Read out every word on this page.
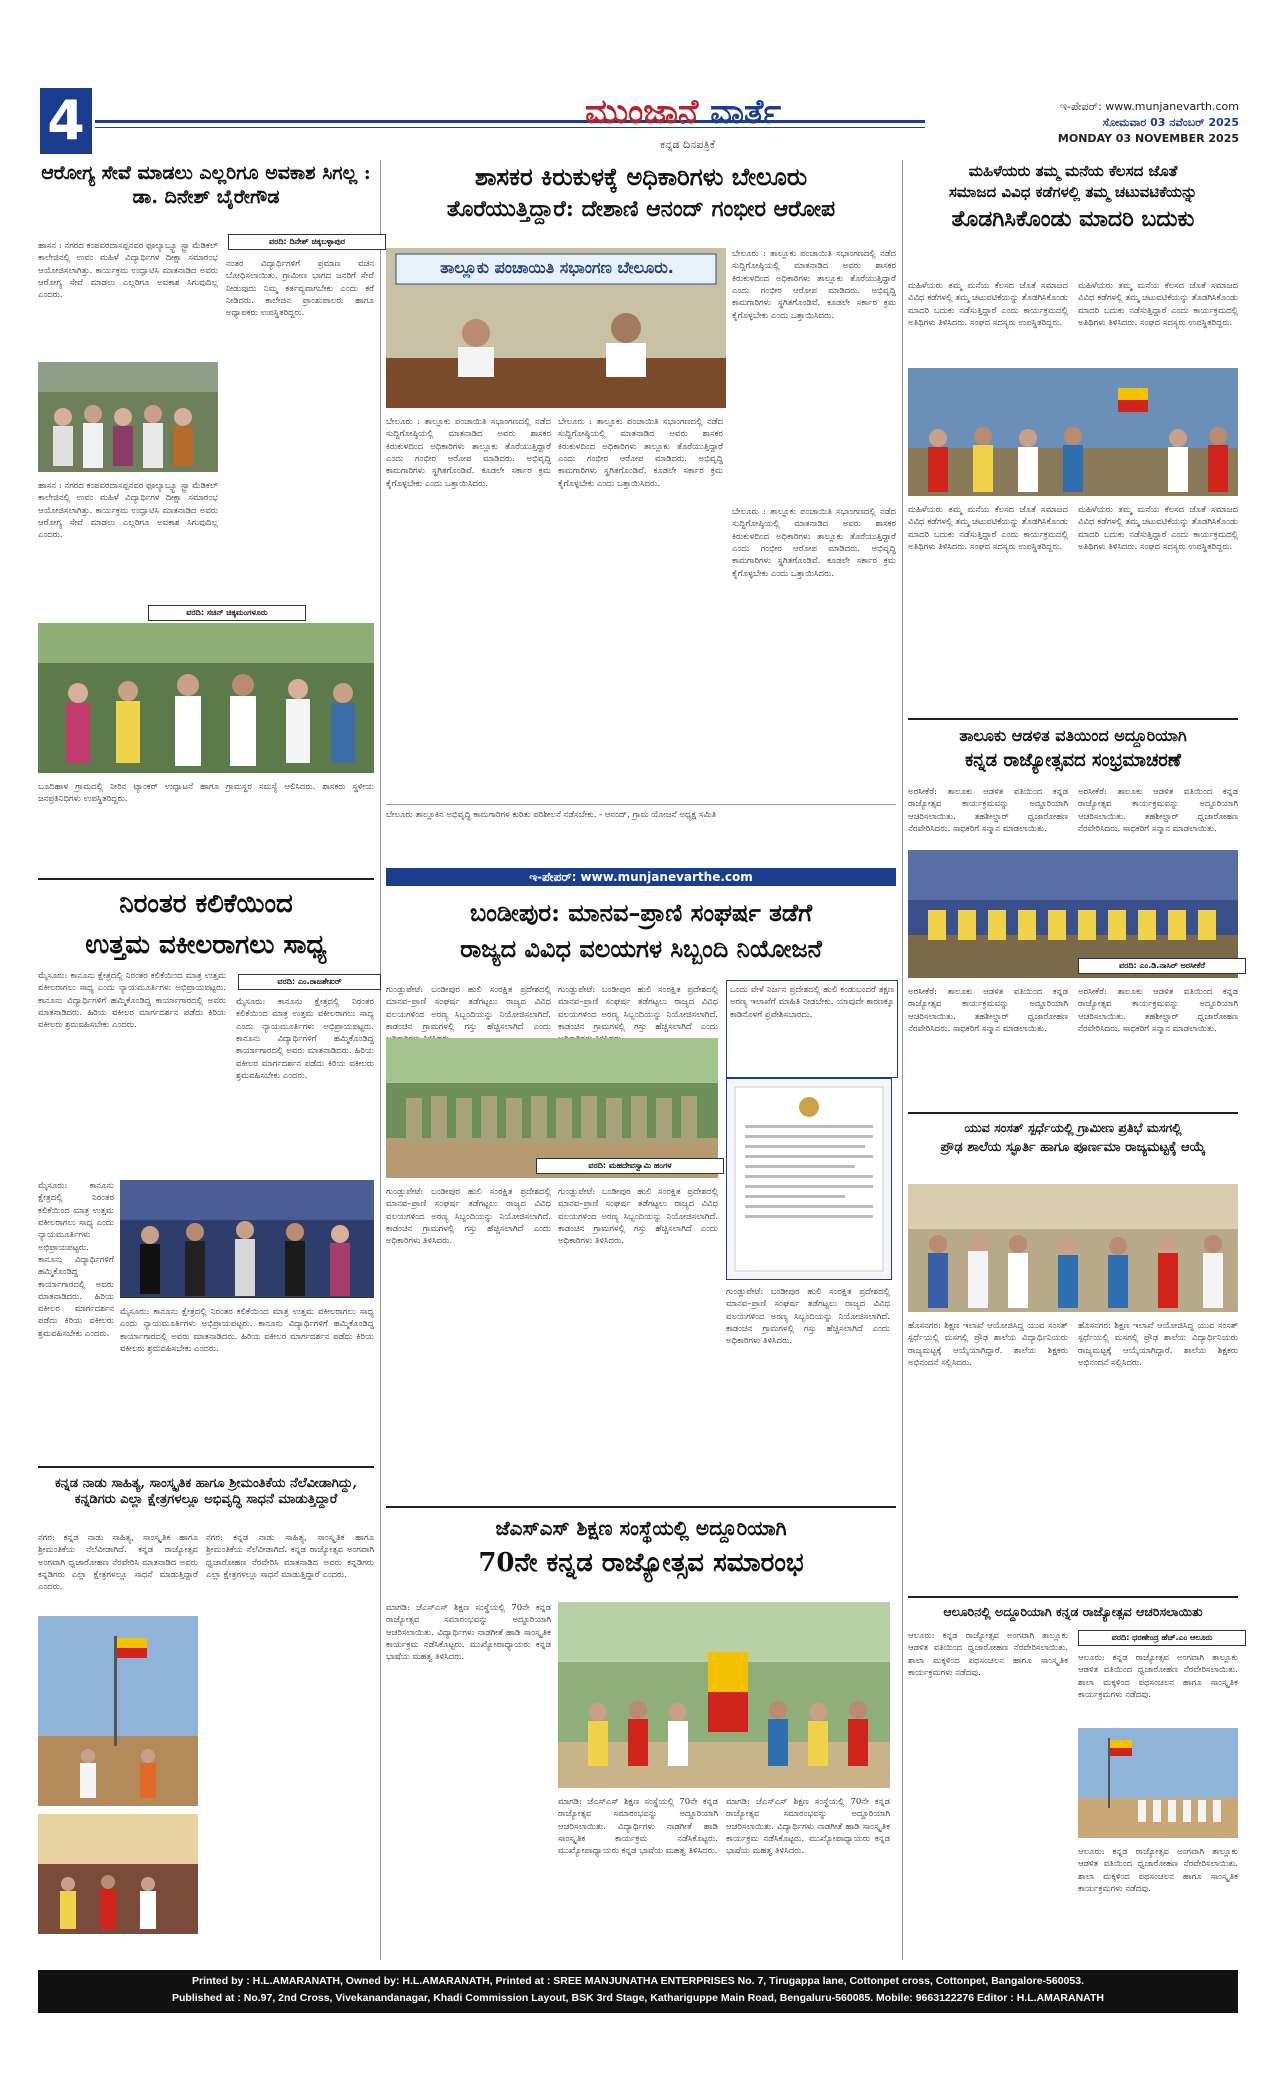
4	ಮುಂಜಾನೆ ವಾರ್ತೆ
ಕನ್ನಡ ದಿನಪತ್ರಿಕೆ
ಇ-ಪೇಪರ್: www.munjanevarth.com
ಸೋಮವಾರ 03 ನವೆಂಬರ್ 2025
MONDAY 03 NOVEMBER 2025
ಆರೋಗ್ಯ ಸೇವೆ ಮಾಡಲು ಎಲ್ಲರಿಗೂ ಅವಕಾಶ ಸಿಗಲ್ಲ : ಡಾ. ದಿನೇಶ್ ಬೈರೇಗೌಡ
ವರದಿ: ದಿನೇಶ್ ಚಿಕ್ಕಬಳ್ಳಾಪುರ
ಹಾಸನ : ನಗರದ ಕಂಪವರದಾಸಪ್ಪನವರ ಫೂಲ್ಯಾಬ್ಸ್ಟೂ ಸ್ಟ್ರಾ ಮೆಡಿಕಲ್ ಕಾಲೇಜಿನಲ್ಲಿ ಉವಂ ಮಹಿಳೆ ವಿದ್ಯಾರ್ಥಿಗಳ ದೀಕ್ಷಾ ಸಮಾರಂಭ ಆಯೋಜಿಸಲಾಗಿತ್ತು. ಕಾರ್ಯಕ್ರಮ ಉದ್ಘಾಟಿಸಿ ಮಾತನಾಡಿದ ಅವರು ಆರೋಗ್ಯ ಸೇವೆ ಮಾಡಲು ಎಲ್ಲರಿಗೂ ಅವಕಾಶ ಸಿಗುವುದಿಲ್ಲ ಎಂದರು.
ನಂತರ ವಿದ್ಯಾರ್ಥಿಗಳಿಗೆ ಪ್ರಮಾಣ ವಚನ ಬೋಧಿಸಲಾಯಿತು. ಗ್ರಾಮೀಣ ಭಾಗದ ಜನರಿಗೆ ಸೇವೆ ನೀಡುವುದು ನಿಮ್ಮ ಕರ್ತವ್ಯವಾಗಬೇಕು ಎಂದು ಕರೆ ನೀಡಿದರು. ಕಾಲೇಜಿನ ಪ್ರಾಂಶುಪಾಲರು ಹಾಗೂ ಅಧ್ಯಾಪಕರು ಉಪಸ್ಥಿತರಿದ್ದರು.
ಹಾಸನ : ನಗರದ ಕಂಪವರದಾಸಪ್ಪನವರ ಫೂಲ್ಯಾಬ್ಸ್ಟೂ ಸ್ಟ್ರಾ ಮೆಡಿಕಲ್ ಕಾಲೇಜಿನಲ್ಲಿ ಉವಂ ಮಹಿಳೆ ವಿದ್ಯಾರ್ಥಿಗಳ ದೀಕ್ಷಾ ಸಮಾರಂಭ ಆಯೋಜಿಸಲಾಗಿತ್ತು. ಕಾರ್ಯಕ್ರಮ ಉದ್ಘಾಟಿಸಿ ಮಾತನಾಡಿದ ಅವರು ಆರೋಗ್ಯ ಸೇವೆ ಮಾಡಲು ಎಲ್ಲರಿಗೂ ಅವಕಾಶ ಸಿಗುವುದಿಲ್ಲ ಎಂದರು.
ವರದಿ: ಸಚಿನ್ ಚಿಕ್ಕಮಂಗಳೂರು
ಬೂದಿಹಾಳ ಗ್ರಾಮದಲ್ಲಿ ನೀರಿನ ಟ್ಯಾಂಕರ್ ಉದ್ಘಾಟನೆ ಹಾಗೂ ಗ್ರಾಮಸ್ಥರ ಸಮಸ್ಯೆ ಆಲಿಸಿದರು. ಶಾಸಕರು ಸ್ಥಳೀಯ ಜನಪ್ರತಿನಿಧಿಗಳು ಉಪಸ್ಥಿತರಿದ್ದರು.
ನಿರಂತರ ಕಲಿಕೆಯಿಂದ
ಉತ್ತಮ ವಕೀಲರಾಗಲು ಸಾಧ್ಯ
ವರದಿ: ಎಂ.ರಾಜಶೇಖರ್
ಮೈಸೂರು: ಕಾನೂನು ಕ್ಷೇತ್ರದಲ್ಲಿ ನಿರಂತರ ಕಲಿಕೆಯಿಂದ ಮಾತ್ರ ಉತ್ತಮ ವಕೀಲರಾಗಲು ಸಾಧ್ಯ ಎಂದು ನ್ಯಾಯಮೂರ್ತಿಗಳು ಅಭಿಪ್ರಾಯಪಟ್ಟರು. ಕಾನೂನು ವಿದ್ಯಾರ್ಥಿಗಳಿಗೆ ಹಮ್ಮಿಕೊಂಡಿದ್ದ ಕಾರ್ಯಾಗಾರದಲ್ಲಿ ಅವರು ಮಾತನಾಡಿದರು. ಹಿರಿಯ ವಕೀಲರ ಮಾರ್ಗದರ್ಶನ ಪಡೆದು ಕಿರಿಯ ವಕೀಲರು ಶ್ರಮವಹಿಸಬೇಕು ಎಂದರು.
ಮೈಸೂರು: ಕಾನೂನು ಕ್ಷೇತ್ರದಲ್ಲಿ ನಿರಂತರ ಕಲಿಕೆಯಿಂದ ಮಾತ್ರ ಉತ್ತಮ ವಕೀಲರಾಗಲು ಸಾಧ್ಯ ಎಂದು ನ್ಯಾಯಮೂರ್ತಿಗಳು ಅಭಿಪ್ರಾಯಪಟ್ಟರು. ಕಾನೂನು ವಿದ್ಯಾರ್ಥಿಗಳಿಗೆ ಹಮ್ಮಿಕೊಂಡಿದ್ದ ಕಾರ್ಯಾಗಾರದಲ್ಲಿ ಅವರು ಮಾತನಾಡಿದರು. ಹಿರಿಯ ವಕೀಲರ ಮಾರ್ಗದರ್ಶನ ಪಡೆದು ಕಿರಿಯ ವಕೀಲರು ಶ್ರಮವಹಿಸಬೇಕು ಎಂದರು.
ಮೈಸೂರು: ಕಾನೂನು ಕ್ಷೇತ್ರದಲ್ಲಿ ನಿರಂತರ ಕಲಿಕೆಯಿಂದ ಮಾತ್ರ ಉತ್ತಮ ವಕೀಲರಾಗಲು ಸಾಧ್ಯ ಎಂದು ನ್ಯಾಯಮೂರ್ತಿಗಳು ಅಭಿಪ್ರಾಯಪಟ್ಟರು. ಕಾನೂನು ವಿದ್ಯಾರ್ಥಿಗಳಿಗೆ ಹಮ್ಮಿಕೊಂಡಿದ್ದ ಕಾರ್ಯಾಗಾರದಲ್ಲಿ ಅವರು ಮಾತನಾಡಿದರು. ಹಿರಿಯ ವಕೀಲರ ಮಾರ್ಗದರ್ಶನ ಪಡೆದು ಕಿರಿಯ ವಕೀಲರು ಶ್ರಮವಹಿಸಬೇಕು ಎಂದರು.
ಮೈಸೂರು: ಕಾನೂನು ಕ್ಷೇತ್ರದಲ್ಲಿ ನಿರಂತರ ಕಲಿಕೆಯಿಂದ ಮಾತ್ರ ಉತ್ತಮ ವಕೀಲರಾಗಲು ಸಾಧ್ಯ ಎಂದು ನ್ಯಾಯಮೂರ್ತಿಗಳು ಅಭಿಪ್ರಾಯಪಟ್ಟರು. ಕಾನೂನು ವಿದ್ಯಾರ್ಥಿಗಳಿಗೆ ಹಮ್ಮಿಕೊಂಡಿದ್ದ ಕಾರ್ಯಾಗಾರದಲ್ಲಿ ಅವರು ಮಾತನಾಡಿದರು. ಹಿರಿಯ ವಕೀಲರ ಮಾರ್ಗದರ್ಶನ ಪಡೆದು ಕಿರಿಯ ವಕೀಲರು ಶ್ರಮವಹಿಸಬೇಕು ಎಂದರು.
ಕನ್ನಡ ನಾಡು ಸಾಹಿತ್ಯ, ಸಾಂಸ್ಕೃತಿಕ ಹಾಗೂ ಶ್ರೀಮಂತಿಕೆಯ ನೆಲೆವೀಡಾಗಿದ್ದು, ಕನ್ನಡಿಗರು ಎಲ್ಲಾ ಕ್ಷೇತ್ರಗಳಲ್ಲೂ ಅಭಿವೃದ್ಧಿ ಸಾಧನೆ ಮಾಡುತ್ತಿದ್ದಾರೆ
ನಗರ: ಕನ್ನಡ ನಾಡು ಸಾಹಿತ್ಯ, ಸಾಂಸ್ಕೃತಿಕ ಹಾಗೂ ಶ್ರೀಮಂತಿಕೆಯ ನೆಲೆವೀಡಾಗಿದೆ. ಕನ್ನಡ ರಾಜ್ಯೋತ್ಸವ ಅಂಗವಾಗಿ ಧ್ವಜಾರೋಹಣ ನೆರವೇರಿಸಿ ಮಾತನಾಡಿದ ಅವರು ಕನ್ನಡಿಗರು ಎಲ್ಲಾ ಕ್ಷೇತ್ರಗಳಲ್ಲೂ ಸಾಧನೆ ಮಾಡುತ್ತಿದ್ದಾರೆ ಎಂದರು.
ನಗರ: ಕನ್ನಡ ನಾಡು ಸಾಹಿತ್ಯ, ಸಾಂಸ್ಕೃತಿಕ ಹಾಗೂ ಶ್ರೀಮಂತಿಕೆಯ ನೆಲೆವೀಡಾಗಿದೆ. ಕನ್ನಡ ರಾಜ್ಯೋತ್ಸವ ಅಂಗವಾಗಿ ಧ್ವಜಾರೋಹಣ ನೆರವೇರಿಸಿ ಮಾತನಾಡಿದ ಅವರು ಕನ್ನಡಿಗರು ಎಲ್ಲಾ ಕ್ಷೇತ್ರಗಳಲ್ಲೂ ಸಾಧನೆ ಮಾಡುತ್ತಿದ್ದಾರೆ ಎಂದರು.
ಶಾಸಕರ ಕಿರುಕುಳಕ್ಕೆ ಅಧಿಕಾರಿಗಳು ಬೇಲೂರು
ತೊರೆಯುತ್ತಿದ್ದಾರೆ: ದೇಶಾಣಿ ಆನಂದ್ ಗಂಭೀರ ಆರೋಪ
ತಾಲ್ಲೂಕು ಪಂಚಾಯಿತಿ ಸಭಾಂಗಣ ಬೇಲೂರು.
ಬೇಲೂರು : ತಾಲ್ಲೂಕು ಪಂಚಾಯಿತಿ ಸಭಾಂಗಣದಲ್ಲಿ ನಡೆದ ಸುದ್ದಿಗೋಷ್ಠಿಯಲ್ಲಿ ಮಾತನಾಡಿದ ಅವರು ಶಾಸಕರ ಕಿರುಕುಳದಿಂದ ಅಧಿಕಾರಿಗಳು ತಾಲ್ಲೂಕು ತೊರೆಯುತ್ತಿದ್ದಾರೆ ಎಂದು ಗಂಭೀರ ಆರೋಪ ಮಾಡಿದರು. ಅಭಿವೃದ್ಧಿ ಕಾಮಗಾರಿಗಳು ಸ್ಥಗಿತಗೊಂಡಿವೆ. ಕೂಡಲೇ ಸರ್ಕಾರ ಕ್ರಮ ಕೈಗೊಳ್ಳಬೇಕು ಎಂದು ಒತ್ತಾಯಿಸಿದರು.
ಬೇಲೂರು : ತಾಲ್ಲೂಕು ಪಂಚಾಯಿತಿ ಸಭಾಂಗಣದಲ್ಲಿ ನಡೆದ ಸುದ್ದಿಗೋಷ್ಠಿಯಲ್ಲಿ ಮಾತನಾಡಿದ ಅವರು ಶಾಸಕರ ಕಿರುಕುಳದಿಂದ ಅಧಿಕಾರಿಗಳು ತಾಲ್ಲೂಕು ತೊರೆಯುತ್ತಿದ್ದಾರೆ ಎಂದು ಗಂಭೀರ ಆರೋಪ ಮಾಡಿದರು. ಅಭಿವೃದ್ಧಿ ಕಾಮಗಾರಿಗಳು ಸ್ಥಗಿತಗೊಂಡಿವೆ. ಕೂಡಲೇ ಸರ್ಕಾರ ಕ್ರಮ ಕೈಗೊಳ್ಳಬೇಕು ಎಂದು ಒತ್ತಾಯಿಸಿದರು.
ಬೇಲೂರು : ತಾಲ್ಲೂಕು ಪಂಚಾಯಿತಿ ಸಭಾಂಗಣದಲ್ಲಿ ನಡೆದ ಸುದ್ದಿಗೋಷ್ಠಿಯಲ್ಲಿ ಮಾತನಾಡಿದ ಅವರು ಶಾಸಕರ ಕಿರುಕುಳದಿಂದ ಅಧಿಕಾರಿಗಳು ತಾಲ್ಲೂಕು ತೊರೆಯುತ್ತಿದ್ದಾರೆ ಎಂದು ಗಂಭೀರ ಆರೋಪ ಮಾಡಿದರು. ಅಭಿವೃದ್ಧಿ ಕಾಮಗಾರಿಗಳು ಸ್ಥಗಿತಗೊಂಡಿವೆ. ಕೂಡಲೇ ಸರ್ಕಾರ ಕ್ರಮ ಕೈಗೊಳ್ಳಬೇಕು ಎಂದು ಒತ್ತಾಯಿಸಿದರು.
ಬೇಲೂರು : ತಾಲ್ಲೂಕು ಪಂಚಾಯಿತಿ ಸಭಾಂಗಣದಲ್ಲಿ ನಡೆದ ಸುದ್ದಿಗೋಷ್ಠಿಯಲ್ಲಿ ಮಾತನಾಡಿದ ಅವರು ಶಾಸಕರ ಕಿರುಕುಳದಿಂದ ಅಧಿಕಾರಿಗಳು ತಾಲ್ಲೂಕು ತೊರೆಯುತ್ತಿದ್ದಾರೆ ಎಂದು ಗಂಭೀರ ಆರೋಪ ಮಾಡಿದರು. ಅಭಿವೃದ್ಧಿ ಕಾಮಗಾರಿಗಳು ಸ್ಥಗಿತಗೊಂಡಿವೆ. ಕೂಡಲೇ ಸರ್ಕಾರ ಕ್ರಮ ಕೈಗೊಳ್ಳಬೇಕು ಎಂದು ಒತ್ತಾಯಿಸಿದರು.
ಬೇಲೂರು ತಾಲ್ಲೂಕಿನ ಅಭಿವೃದ್ಧಿ ಕಾಮಗಾರಿಗಳ ಕುರಿತು ಪರಿಶೀಲನೆ ನಡೆಸಬೇಕು. - ಆನಂದ್, ಗ್ರಾಮ ಯೋಜನೆ ಅಧ್ಯಕ್ಷ ಸಮಿತಿ
ಇ-ಪೇಪರ್: www.munjanevarthe.com
ಬಂಡೀಪುರ: ಮಾನವ–ಪ್ರಾಣಿ ಸಂಘರ್ಷ ತಡೆಗೆ
ರಾಜ್ಯದ ವಿವಿಧ ವಲಯಗಳ ಸಿಬ್ಬಂದಿ ನಿಯೋಜನೆ
ಗುಂಡ್ಲುಪೇಟೆ: ಬಂಡೀಪುರ ಹುಲಿ ಸಂರಕ್ಷಿತ ಪ್ರದೇಶದಲ್ಲಿ ಮಾನವ–ಪ್ರಾಣಿ ಸಂಘರ್ಷ ತಡೆಗಟ್ಟಲು ರಾಜ್ಯದ ವಿವಿಧ ವಲಯಗಳಿಂದ ಅರಣ್ಯ ಸಿಬ್ಬಂದಿಯನ್ನು ನಿಯೋಜಿಸಲಾಗಿದೆ. ಕಾಡಂಚಿನ ಗ್ರಾಮಗಳಲ್ಲಿ ಗಸ್ತು ಹೆಚ್ಚಿಸಲಾಗಿದೆ ಎಂದು
ಗುಂಡ್ಲುಪೇಟೆ: ಬಂಡೀಪುರ ಹುಲಿ ಸಂರಕ್ಷಿತ ಪ್ರದೇಶದಲ್ಲಿ ಮಾನವ–ಪ್ರಾಣಿ ಸಂಘರ್ಷ ತಡೆಗಟ್ಟಲು ರಾಜ್ಯದ ವಿವಿಧ ವಲಯಗಳಿಂದ ಅರಣ್ಯ ಸಿಬ್ಬಂದಿಯನ್ನು ನಿಯೋಜಿಸಲಾಗಿದೆ. ಕಾಡಂಚಿನ ಗ್ರಾಮಗಳಲ್ಲಿ ಗಸ್ತು ಹೆಚ್ಚಿಸಲಾಗಿದೆ ಎಂದು
ಒಂದು ವೇಳೆ ನಿರ್ಜನ ಪ್ರದೇಶದಲ್ಲಿ ಹುಲಿ ಕಂಡುಬಂದರೆ ತಕ್ಷಣ ಅರಣ್ಯ ಇಲಾಖೆಗೆ ಮಾಹಿತಿ ನೀಡಬೇಕು. ಯಾವುದೇ ಕಾರಣಕ್ಕೂ ಕಾಡಿನೊಳಗೆ ಪ್ರವೇಶಿಸಬಾರದು.
ವರದಿ: ಮಹದೇವಸ್ವಾಮಿ ಹಂಗಳ
ಗುಂಡ್ಲುಪೇಟೆ: ಬಂಡೀಪುರ ಹುಲಿ ಸಂರಕ್ಷಿತ ಪ್ರದೇಶದಲ್ಲಿ ಮಾನವ–ಪ್ರಾಣಿ ಸಂಘರ್ಷ ತಡೆಗಟ್ಟಲು ರಾಜ್ಯದ ವಿವಿಧ ವಲಯಗಳಿಂದ ಅರಣ್ಯ ಸಿಬ್ಬಂದಿಯನ್ನು ನಿಯೋಜಿಸಲಾಗಿದೆ. ಕಾಡಂಚಿನ ಗ್ರಾಮಗಳಲ್ಲಿ ಗಸ್ತು ಹೆಚ್ಚಿಸಲಾಗಿದೆ ಎಂದು ಅಧಿಕಾರಿಗಳು ತಿಳಿಸಿದರು.
ಗುಂಡ್ಲುಪೇಟೆ: ಬಂಡೀಪುರ ಹುಲಿ ಸಂರಕ್ಷಿತ ಪ್ರದೇಶದಲ್ಲಿ ಮಾನವ–ಪ್ರಾಣಿ ಸಂಘರ್ಷ ತಡೆಗಟ್ಟಲು ರಾಜ್ಯದ ವಿವಿಧ ವಲಯಗಳಿಂದ ಅರಣ್ಯ ಸಿಬ್ಬಂದಿಯನ್ನು ನಿಯೋಜಿಸಲಾಗಿದೆ. ಕಾಡಂಚಿನ ಗ್ರಾಮಗಳಲ್ಲಿ ಗಸ್ತು ಹೆಚ್ಚಿಸಲಾಗಿದೆ ಎಂದು ಅಧಿಕಾರಿಗಳು ತಿಳಿಸಿದರು.
ಗುಂಡ್ಲುಪೇಟೆ: ಬಂಡೀಪುರ ಹುಲಿ ಸಂರಕ್ಷಿತ ಪ್ರದೇಶದಲ್ಲಿ ಮಾನವ–ಪ್ರಾಣಿ ಸಂಘರ್ಷ ತಡೆಗಟ್ಟಲು ರಾಜ್ಯದ ವಿವಿಧ ವಲಯಗಳಿಂದ ಅರಣ್ಯ ಸಿಬ್ಬಂದಿಯನ್ನು ನಿಯೋಜಿಸಲಾಗಿದೆ. ಕಾಡಂಚಿನ ಗ್ರಾಮಗಳಲ್ಲಿ ಗಸ್ತು ಹೆಚ್ಚಿಸಲಾಗಿದೆ ಎಂದು ಅಧಿಕಾರಿಗಳು ತಿಳಿಸಿದರು.
ಜೆಎಸ್ಎಸ್ ಶಿಕ್ಷಣ ಸಂಸ್ಥೆಯಲ್ಲಿ ಅದ್ದೂರಿಯಾಗಿ
70ನೇ ಕನ್ನಡ ರಾಜ್ಯೋತ್ಸವ ಸಮಾರಂಭ
ಮಾಗಡಿ: ಜೆಎಸ್ಎಸ್ ಶಿಕ್ಷಣ ಸಂಸ್ಥೆಯಲ್ಲಿ 70ನೇ ಕನ್ನಡ ರಾಜ್ಯೋತ್ಸವ ಸಮಾರಂಭವನ್ನು ಅದ್ದೂರಿಯಾಗಿ ಆಚರಿಸಲಾಯಿತು. ವಿದ್ಯಾರ್ಥಿಗಳು ನಾಡಗೀತೆ ಹಾಡಿ ಸಾಂಸ್ಕೃತಿಕ ಕಾರ್ಯಕ್ರಮ ನಡೆಸಿಕೊಟ್ಟರು. ಮುಖ್ಯೋಪಾಧ್ಯಾಯರು ಕನ್ನಡ ಭಾಷೆಯ ಮಹತ್ವ ತಿಳಿಸಿದರು.
ಮಾಗಡಿ: ಜೆಎಸ್ಎಸ್ ಶಿಕ್ಷಣ ಸಂಸ್ಥೆಯಲ್ಲಿ 70ನೇ ಕನ್ನಡ ರಾಜ್ಯೋತ್ಸವ ಸಮಾರಂಭವನ್ನು ಅದ್ದೂರಿಯಾಗಿ ಆಚರಿಸಲಾಯಿತು. ವಿದ್ಯಾರ್ಥಿಗಳು ನಾಡಗೀತೆ ಹಾಡಿ ಸಾಂಸ್ಕೃತಿಕ ಕಾರ್ಯಕ್ರಮ ನಡೆಸಿಕೊಟ್ಟರು. ಮುಖ್ಯೋಪಾಧ್ಯಾಯರು ಕನ್ನಡ ಭಾಷೆಯ ಮಹತ್ವ ತಿಳಿಸಿದರು.
ಮಾಗಡಿ: ಜೆಎಸ್ಎಸ್ ಶಿಕ್ಷಣ ಸಂಸ್ಥೆಯಲ್ಲಿ 70ನೇ ಕನ್ನಡ ರಾಜ್ಯೋತ್ಸವ ಸಮಾರಂಭವನ್ನು ಅದ್ದೂರಿಯಾಗಿ ಆಚರಿಸಲಾಯಿತು. ವಿದ್ಯಾರ್ಥಿಗಳು ನಾಡಗೀತೆ ಹಾಡಿ ಸಾಂಸ್ಕೃತಿಕ ಕಾರ್ಯಕ್ರಮ ನಡೆಸಿಕೊಟ್ಟರು. ಮುಖ್ಯೋಪಾಧ್ಯಾಯರು ಕನ್ನಡ ಭಾಷೆಯ ಮಹತ್ವ ತಿಳಿಸಿದರು.
ಮಹಿಳೆಯರು ತಮ್ಮ ಮನೆಯ ಕೆಲಸದ ಜೊತೆ
ಸಮಾಜದ ವಿವಿಧ ಕಡೆಗಳಲ್ಲಿ ತಮ್ಮ ಚಟುವಟಿಕೆಯನ್ನು
ತೊಡಗಿಸಿಕೊಂಡು ಮಾದರಿ ಬದುಕು
ಮಹಿಳೆಯರು ತಮ್ಮ ಮನೆಯ ಕೆಲಸದ ಜೊತೆ ಸಮಾಜದ ವಿವಿಧ ಕಡೆಗಳಲ್ಲಿ ತಮ್ಮ ಚಟುವಟಿಕೆಯನ್ನು ತೊಡಗಿಸಿಕೊಂಡು ಮಾದರಿ ಬದುಕು ನಡೆಸುತ್ತಿದ್ದಾರೆ ಎಂದು ಕಾರ್ಯಕ್ರಮದಲ್ಲಿ ಅತಿಥಿಗಳು ತಿಳಿಸಿದರು. ಸಂಘದ ಸದಸ್ಯರು ಉಪಸ್ಥಿತರಿದ್ದರು.
ಮಹಿಳೆಯರು ತಮ್ಮ ಮನೆಯ ಕೆಲಸದ ಜೊತೆ ಸಮಾಜದ ವಿವಿಧ ಕಡೆಗಳಲ್ಲಿ ತಮ್ಮ ಚಟುವಟಿಕೆಯನ್ನು ತೊಡಗಿಸಿಕೊಂಡು ಮಾದರಿ ಬದುಕು ನಡೆಸುತ್ತಿದ್ದಾರೆ ಎಂದು ಕಾರ್ಯಕ್ರಮದಲ್ಲಿ ಅತಿಥಿಗಳು ತಿಳಿಸಿದರು. ಸಂಘದ ಸದಸ್ಯರು ಉಪಸ್ಥಿತರಿದ್ದರು.
ಮಹಿಳೆಯರು ತಮ್ಮ ಮನೆಯ ಕೆಲಸದ ಜೊತೆ ಸಮಾಜದ ವಿವಿಧ ಕಡೆಗಳಲ್ಲಿ ತಮ್ಮ ಚಟುವಟಿಕೆಯನ್ನು ತೊಡಗಿಸಿಕೊಂಡು ಮಾದರಿ ಬದುಕು ನಡೆಸುತ್ತಿದ್ದಾರೆ ಎಂದು ಕಾರ್ಯಕ್ರಮದಲ್ಲಿ ಅತಿಥಿಗಳು ತಿಳಿಸಿದರು. ಸಂಘದ ಸದಸ್ಯರು ಉಪಸ್ಥಿತರಿದ್ದರು.
ಮಹಿಳೆಯರು ತಮ್ಮ ಮನೆಯ ಕೆಲಸದ ಜೊತೆ ಸಮಾಜದ ವಿವಿಧ ಕಡೆಗಳಲ್ಲಿ ತಮ್ಮ ಚಟುವಟಿಕೆಯನ್ನು ತೊಡಗಿಸಿಕೊಂಡು ಮಾದರಿ ಬದುಕು ನಡೆಸುತ್ತಿದ್ದಾರೆ ಎಂದು ಕಾರ್ಯಕ್ರಮದಲ್ಲಿ ಅತಿಥಿಗಳು ತಿಳಿಸಿದರು. ಸಂಘದ ಸದಸ್ಯರು ಉಪಸ್ಥಿತರಿದ್ದರು.
ತಾಲೂಕು ಆಡಳಿತ ವತಿಯಿಂದ ಅದ್ದೂರಿಯಾಗಿ
ಕನ್ನಡ ರಾಜ್ಯೋತ್ಸವದ ಸಂಭ್ರಮಾಚರಣೆ
ಅರಸೀಕೆರೆ: ತಾಲೂಕು ಆಡಳಿತ ವತಿಯಿಂದ ಕನ್ನಡ ರಾಜ್ಯೋತ್ಸವ ಕಾರ್ಯಕ್ರಮವನ್ನು ಅದ್ದೂರಿಯಾಗಿ ಆಚರಿಸಲಾಯಿತು. ತಹಶೀಲ್ದಾರ್ ಧ್ವಜಾರೋಹಣ ನೆರವೇರಿಸಿದರು. ಸಾಧಕರಿಗೆ ಸನ್ಮಾನ ಮಾಡಲಾಯಿತು.
ಅರಸೀಕೆರೆ: ತಾಲೂಕು ಆಡಳಿತ ವತಿಯಿಂದ ಕನ್ನಡ ರಾಜ್ಯೋತ್ಸವ ಕಾರ್ಯಕ್ರಮವನ್ನು ಅದ್ದೂರಿಯಾಗಿ ಆಚರಿಸಲಾಯಿತು. ತಹಶೀಲ್ದಾರ್ ಧ್ವಜಾರೋಹಣ ನೆರವೇರಿಸಿದರು. ಸಾಧಕರಿಗೆ ಸನ್ಮಾನ ಮಾಡಲಾಯಿತು.
ವರದಿ: ಎಂ.ಡಿ.ನಾಸಿರ್ ಅರಸೀಕೆರೆ
ಅರಸೀಕೆರೆ: ತಾಲೂಕು ಆಡಳಿತ ವತಿಯಿಂದ ಕನ್ನಡ ರಾಜ್ಯೋತ್ಸವ ಕಾರ್ಯಕ್ರಮವನ್ನು ಅದ್ದೂರಿಯಾಗಿ ಆಚರಿಸಲಾಯಿತು. ತಹಶೀಲ್ದಾರ್ ಧ್ವಜಾರೋಹಣ ನೆರವೇರಿಸಿದರು. ಸಾಧಕರಿಗೆ ಸನ್ಮಾನ ಮಾಡಲಾಯಿತು.
ಅರಸೀಕೆರೆ: ತಾಲೂಕು ಆಡಳಿತ ವತಿಯಿಂದ ಕನ್ನಡ ರಾಜ್ಯೋತ್ಸವ ಕಾರ್ಯಕ್ರಮವನ್ನು ಅದ್ದೂರಿಯಾಗಿ ಆಚರಿಸಲಾಯಿತು. ತಹಶೀಲ್ದಾರ್ ಧ್ವಜಾರೋಹಣ ನೆರವೇರಿಸಿದರು. ಸಾಧಕರಿಗೆ ಸನ್ಮಾನ ಮಾಡಲಾಯಿತು.
ಯುವ ಸಂಸತ್ ಸ್ಪರ್ಧೆಯಲ್ಲಿ ಗ್ರಾಮೀಣ ಪ್ರತಿಭೆ ಮಸಗಲ್ಲಿ
ಪ್ರೌಢ ಶಾಲೆಯ ಸ್ಫೂರ್ತಿ ಹಾಗೂ ಪೂರ್ಣಮಾ ರಾಜ್ಯಮಟ್ಟಕ್ಕೆ ಆಯ್ಕೆ
ಹೊಸನಗರ: ಶಿಕ್ಷಣ ಇಲಾಖೆ ಆಯೋಜಿಸಿದ್ದ ಯುವ ಸಂಸತ್ ಸ್ಪರ್ಧೆಯಲ್ಲಿ ಮಸಗಲ್ಲಿ ಪ್ರೌಢ ಶಾಲೆಯ ವಿದ್ಯಾರ್ಥಿನಿಯರು ರಾಜ್ಯಮಟ್ಟಕ್ಕೆ ಆಯ್ಕೆಯಾಗಿದ್ದಾರೆ. ಶಾಲೆಯ ಶಿಕ್ಷಕರು ಅಭಿನಂದನೆ ಸಲ್ಲಿಸಿದರು.
ಹೊಸನಗರ: ಶಿಕ್ಷಣ ಇಲಾಖೆ ಆಯೋಜಿಸಿದ್ದ ಯುವ ಸಂಸತ್ ಸ್ಪರ್ಧೆಯಲ್ಲಿ ಮಸಗಲ್ಲಿ ಪ್ರೌಢ ಶಾಲೆಯ ವಿದ್ಯಾರ್ಥಿನಿಯರು ರಾಜ್ಯಮಟ್ಟಕ್ಕೆ ಆಯ್ಕೆಯಾಗಿದ್ದಾರೆ. ಶಾಲೆಯ ಶಿಕ್ಷಕರು ಅಭಿನಂದನೆ ಸಲ್ಲಿಸಿದರು.
ಆಲೂರಿನಲ್ಲಿ ಅದ್ದೂರಿಯಾಗಿ ಕನ್ನಡ ರಾಜ್ಯೋತ್ಸವ ಆಚರಿಸಲಾಯಿತು
ವರದಿ: ಧರಣೇಂದ್ರ ಹೆಚ್.ಎಂ ಆಲೂರು
ಆಲೂರು: ಕನ್ನಡ ರಾಜ್ಯೋತ್ಸವ ಅಂಗವಾಗಿ ತಾಲ್ಲೂಕು ಆಡಳಿತ ವತಿಯಿಂದ ಧ್ವಜಾರೋಹಣ ನೆರವೇರಿಸಲಾಯಿತು. ಶಾಲಾ ಮಕ್ಕಳಿಂದ ಪಥಸಂಚಲನ ಹಾಗೂ ಸಾಂಸ್ಕೃತಿಕ ಕಾರ್ಯಕ್ರಮಗಳು ನಡೆದವು.
ಆಲೂರು: ಕನ್ನಡ ರಾಜ್ಯೋತ್ಸವ ಅಂಗವಾಗಿ ತಾಲ್ಲೂಕು ಆಡಳಿತ ವತಿಯಿಂದ ಧ್ವಜಾರೋಹಣ ನೆರವೇರಿಸಲಾಯಿತು. ಶಾಲಾ ಮಕ್ಕಳಿಂದ ಪಥಸಂಚಲನ ಹಾಗೂ ಸಾಂಸ್ಕೃತಿಕ ಕಾರ್ಯಕ್ರಮಗಳು ನಡೆದವು.
ಆಲೂರು: ಕನ್ನಡ ರಾಜ್ಯೋತ್ಸವ ಅಂಗವಾಗಿ ತಾಲ್ಲೂಕು ಆಡಳಿತ ವತಿಯಿಂದ ಧ್ವಜಾರೋಹಣ ನೆರವೇರಿಸಲಾಯಿತು. ಶಾಲಾ ಮಕ್ಕಳಿಂದ ಪಥಸಂಚಲನ ಹಾಗೂ ಸಾಂಸ್ಕೃತಿಕ ಕಾರ್ಯಕ್ರಮಗಳು ನಡೆದವು.
Printed by : H.L.AMARANATH, Owned by: H.L.AMARANATH, Printed at : SREE MANJUNATHA ENTERPRISES No. 7, Tirugappa lane, Cottonpet cross, Cottonpet, Bangalore-560053.
Published at : No.97, 2nd Cross, Vivekanandanagar, Khadi Commission Layout, BSK 3rd Stage, Kathariguppe Main Road, Bengaluru-560085. Mobile: 9663122276 Editor : H.L.AMARANATH
